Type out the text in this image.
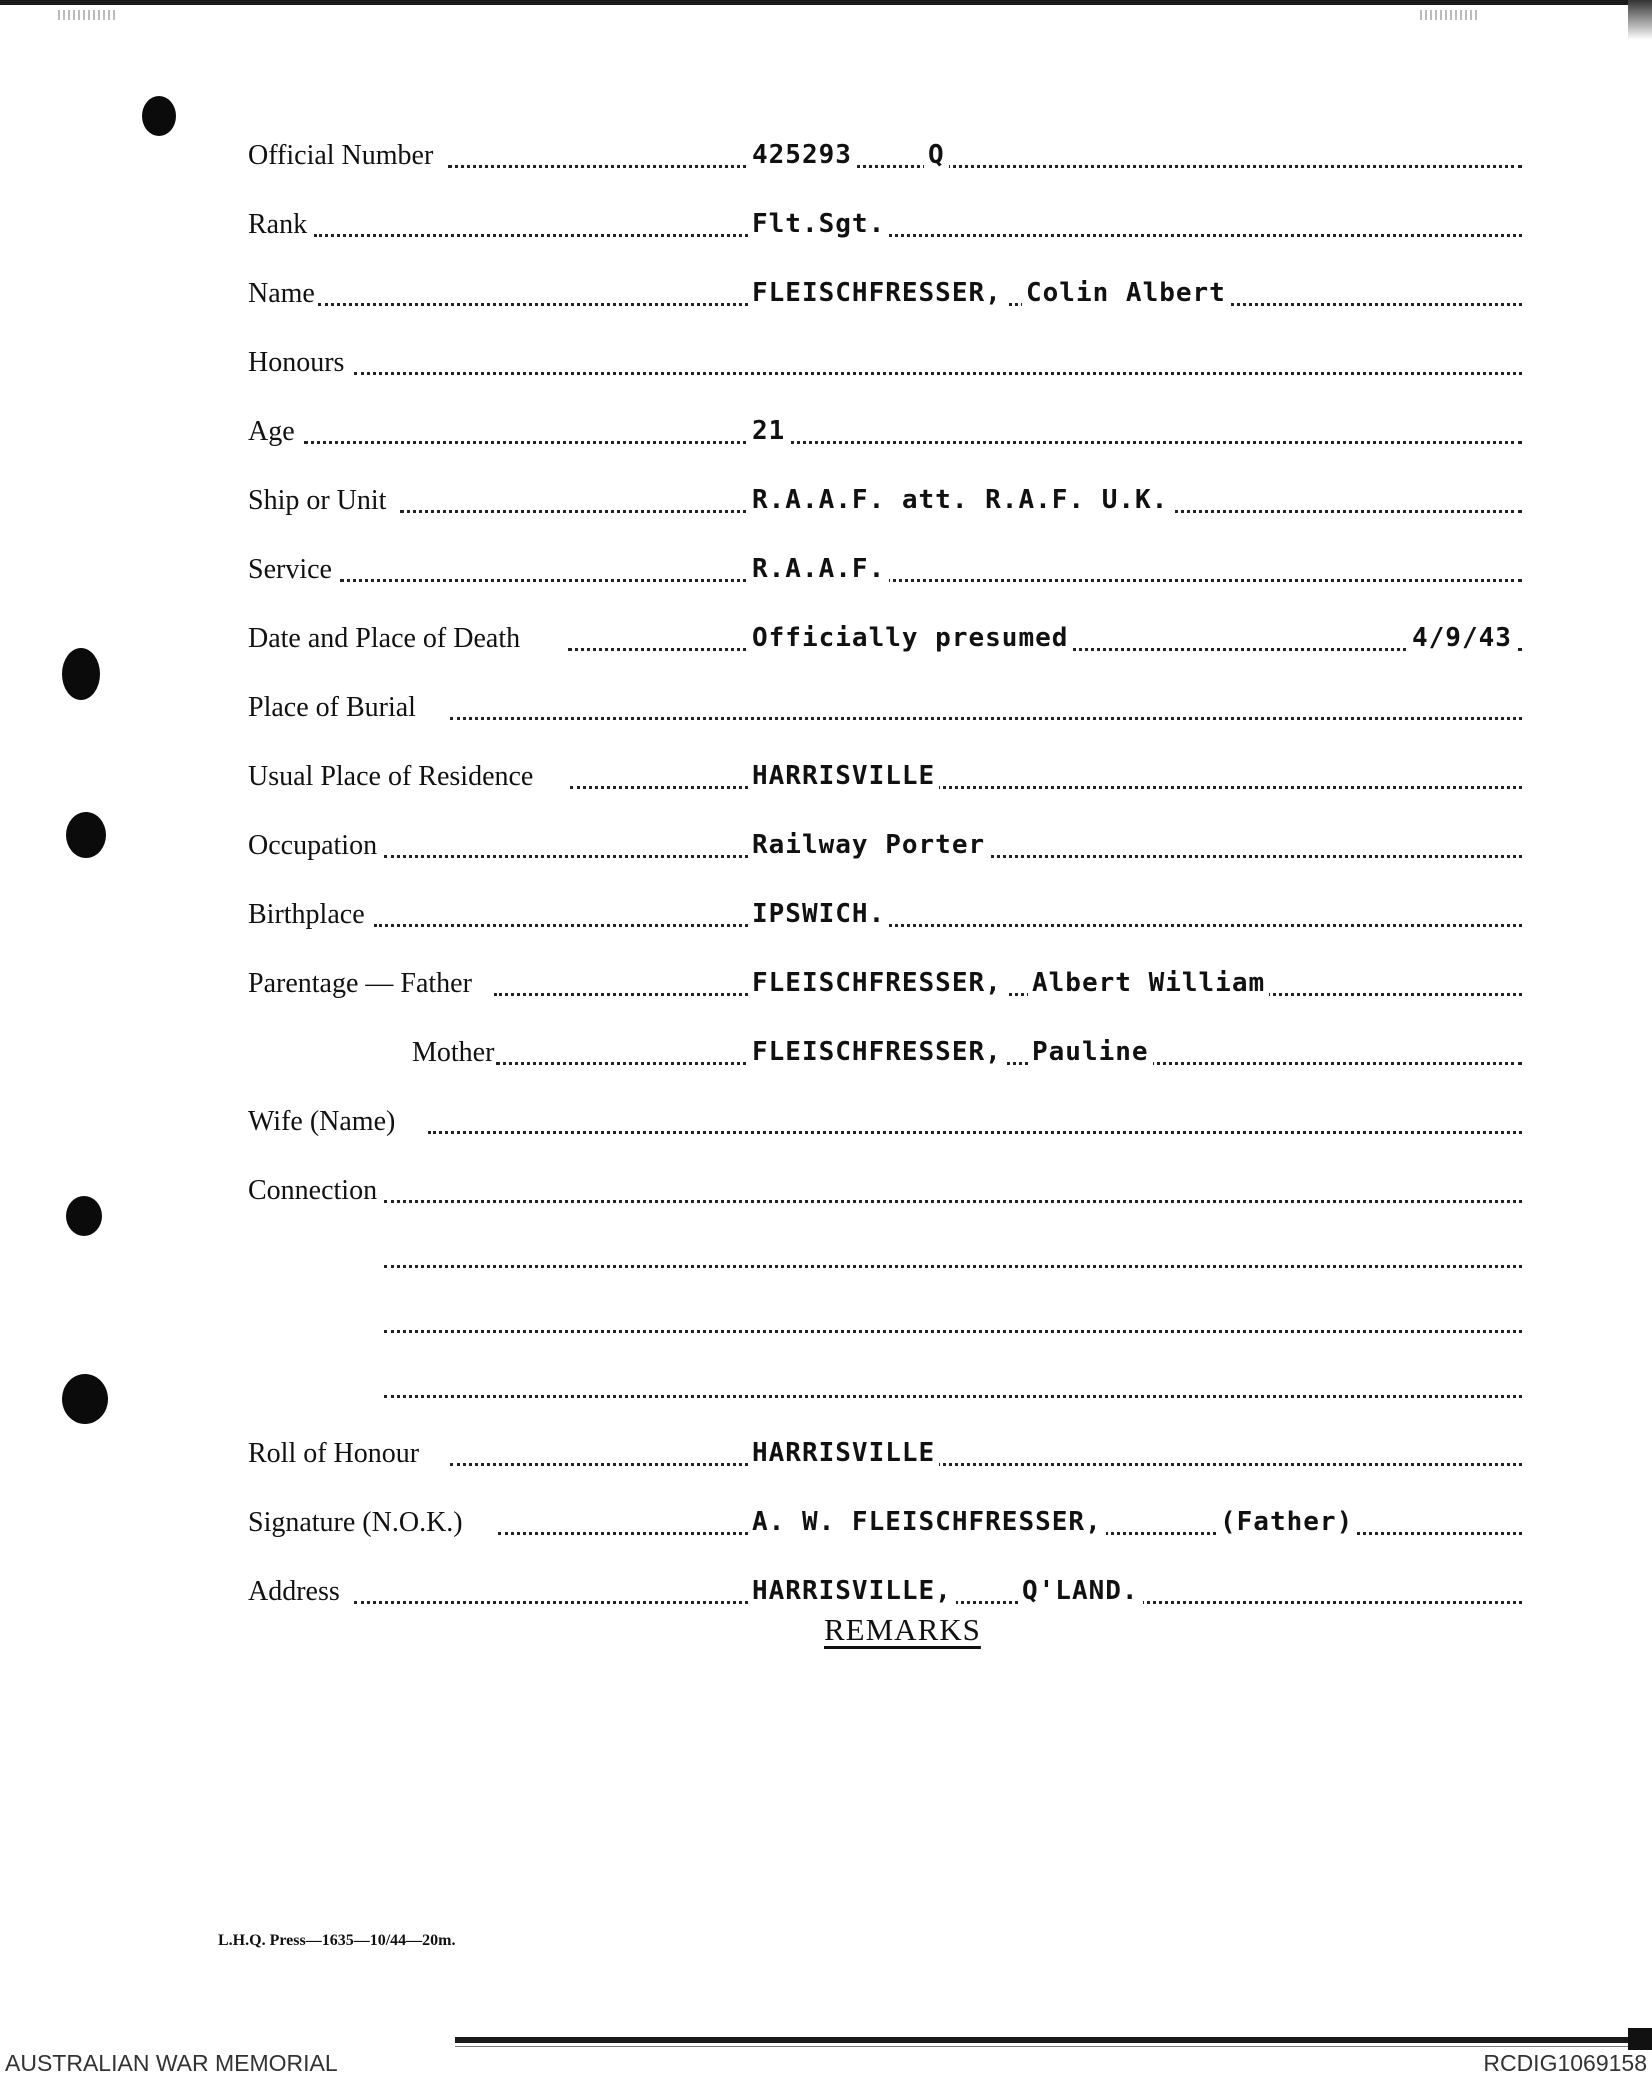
Official Number	425293	Q
Rank	Flt.Sgt.
Name	FLEISCHFRESSER, Colin Albert
Honours
Age	21
Ship or Unit	R.A.A.F. att. R.A.F. U.K.
Service	R.A.A.F.
Date and Place of Death	Officially presumed	4/9/43
Place of Burial
Usual Place of Residence	HARRISVILLE
Occupation	Railway Porter
Birthplace	IPSWICH.
Parentage — Father	FLEISCHFRESSER, Albert William
Mother	FLEISCHFRESSER, Pauline
Wife (Name)
Connection
Roll of Honour	HARRISVILLE
Signature (N.O.K.)	A. W. FLEISCHFRESSER,	(Father)
Address	HARRISVILLE,	Q'LAND.
REMARKS
L.H.Q. Press—1635—10/44—20m.
AUSTRALIAN WAR MEMORIAL	RCDIG1069158
